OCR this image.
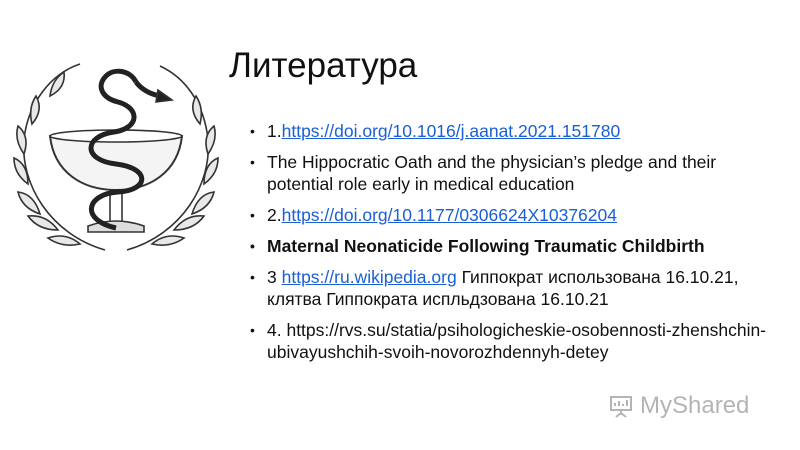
Литература
• 1.https://doi.org/10.1016/j.aanat.2021.151780
• The Hippocratic Oath and the physician’s pledge and their potential role early in medical education
• 2.https://doi.org/10.1177/0306624X10376204
• Maternal Neonaticide Following Traumatic Childbirth
• 3 https://ru.wikipedia.org Гиппократ использована 16.10.21, клятва Гиппократа испльдзована 16.10.21
• 4. https://rvs.su/statia/psihologicheskie-osobennosti-zhenshchin-ubivayushchih-svoih-novorozhdennyh-detey
MyShared
